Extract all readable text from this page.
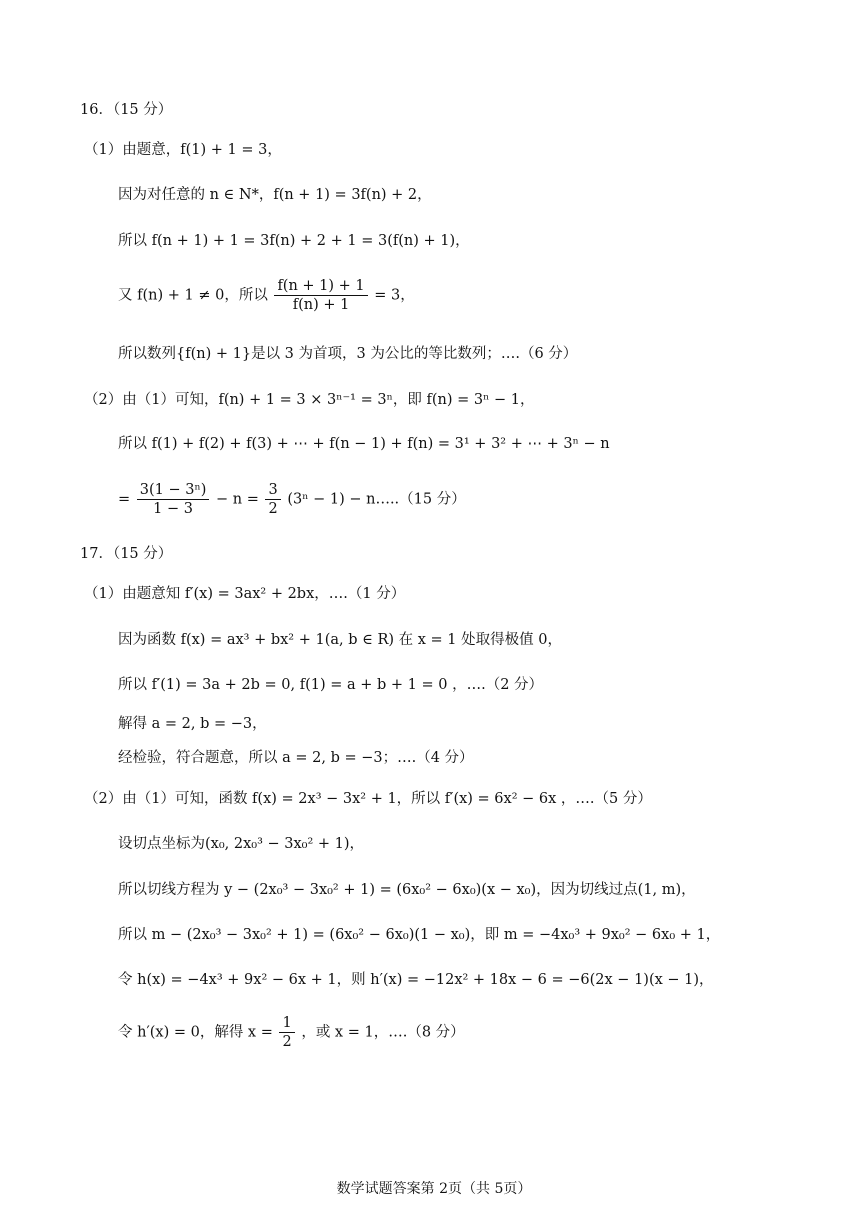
16．（15 分）
（1）由题意，f(1) + 1 = 3，
因为对任意的 n ∈ N*，f(n + 1) = 3f(n) + 2，
所以 f(n + 1) + 1 = 3f(n) + 2 + 1 = 3(f(n) + 1)，
又 f(n) + 1 ≠ 0，所以 $\frac{f(n + 1) + 1}{f(n) + 1} = 3$，
所以数列{f(n) + 1}是以 3 为首项，3 为公比的等比数列；….（6 分）
（2）由（1）可知，f(n) + 1 = 3 × 3ⁿ⁻¹ = 3ⁿ，即 f(n) = 3ⁿ − 1，
所以 f(1) + f(2) + f(3) + ⋯ + f(n − 1) + f(n) = 3¹ + 3² + ⋯ + 3ⁿ − n
= $\frac{\text{3(1 − 3ⁿ)}}{1 - 3} - n = \frac{3}{2} (3^n - 1)$ − n…..（15 分）
17．（15 分）
（1）由题意知 f′(x) = 3ax² + 2bx，….（1 分）
因为函数 f(x) = ax³ + bx² + 1(a, b ∈ R) 在 x = 1 处取得极值 0，
所以 f′(1) = 3a + 2b = 0, f(1) = a + b + 1 = 0 ，….（2 分）
解得 a = 2, b = −3，
经检验，符合题意，所以 a = 2, b = −3；….（4 分）
（2）由（1）可知，函数 f(x) = 2x³ − 3x² + 1，所以 f′(x) = 6x² − 6x ，….（5 分）
设切点坐标为(x₀, 2x₀³ − 3x₀² + 1)，
所以切线方程为 y − (2x₀³ − 3x₀² + 1) = (6x₀² − 6x₀)(x − x₀)，因为切线过点(1, m)，
所以 m − (2x₀³ − 3x₀² + 1) = (6x₀² − 6x₀)(1 − x₀)，即 m = −4x₀³ + 9x₀² − 6x₀ + 1，
令 h(x) = −4x³ + 9x² − 6x + 1，则 h′(x) = −12x² + 18x − 6 = −6(2x − 1)(x − 1)，
令 h′(x) = 0，解得 $x = \frac{1}{2}$ ，或 x = 1，….（8 分）
数学试题答案第 2页（共 5页）
